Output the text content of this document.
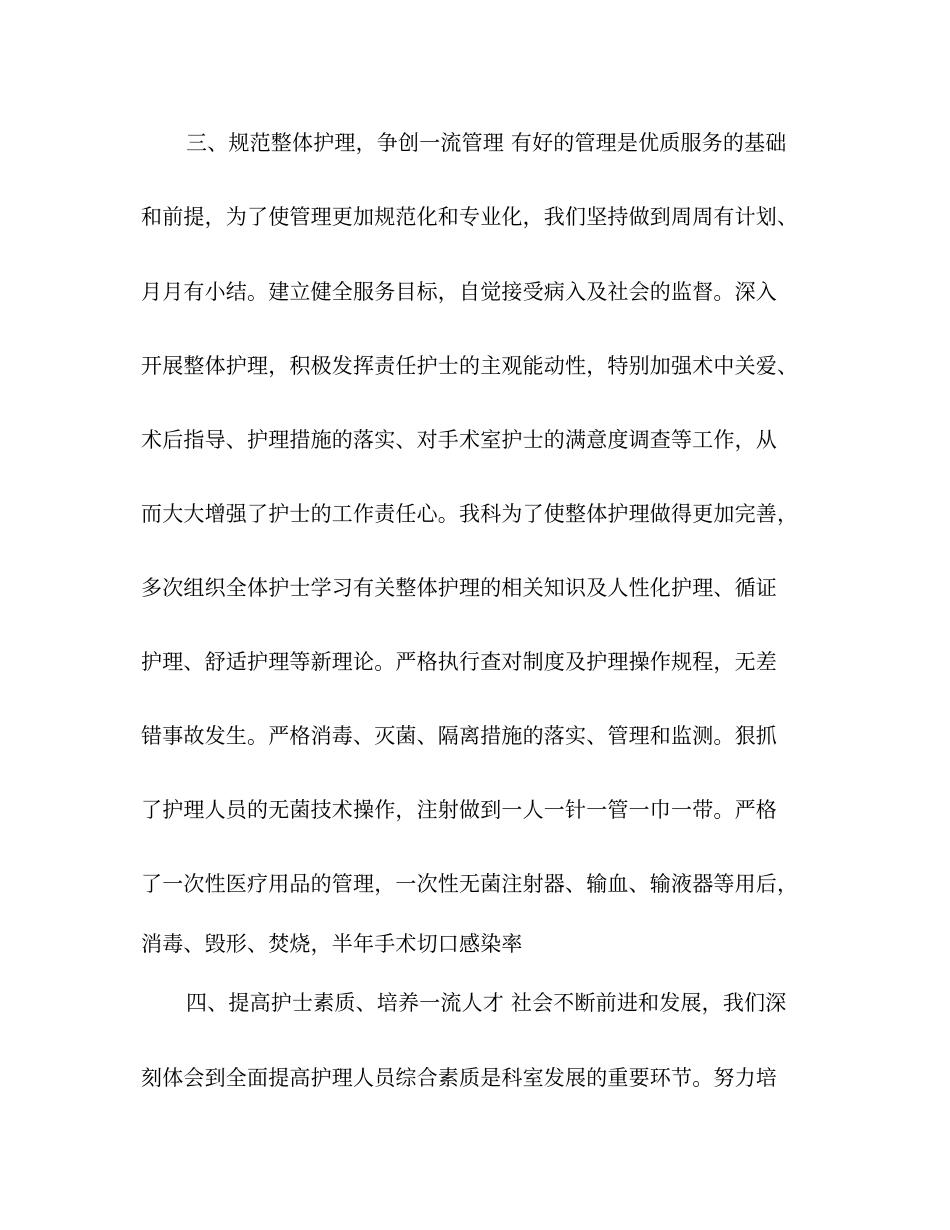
三、规范整体护理，争创一流管理 有好的管理是优质服务的基础
和前提，为了使管理更加规范化和专业化，我们坚持做到周周有计划、
月月有小结。建立健全服务目标，自觉接受病入及社会的监督。深入
开展整体护理，积极发挥责任护士的主观能动性，特别加强术中关爱、
术后指导、护理措施的落实、对手术室护士的满意度调查等工作，从
而大大增强了护士的工作责任心。我科为了使整体护理做得更加完善，
多次组织全体护士学习有关整体护理的相关知识及人性化护理、循证
护理、舒适护理等新理论。严格执行查对制度及护理操作规程，无差
错事故发生。严格消毒、灭菌、隔离措施的落实、管理和监测。狠抓
了护理人员的无菌技术操作，注射做到一人一针一管一巾一带。严格
了一次性医疗用品的管理，一次性无菌注射器、输血、输液器等用后，
消毒、毁形、焚烧，半年手术切口感染率
四、提高护士素质、培养一流人才 社会不断前进和发展，我们深
刻体会到全面提高护理人员综合素质是科室发展的重要环节。努力培
